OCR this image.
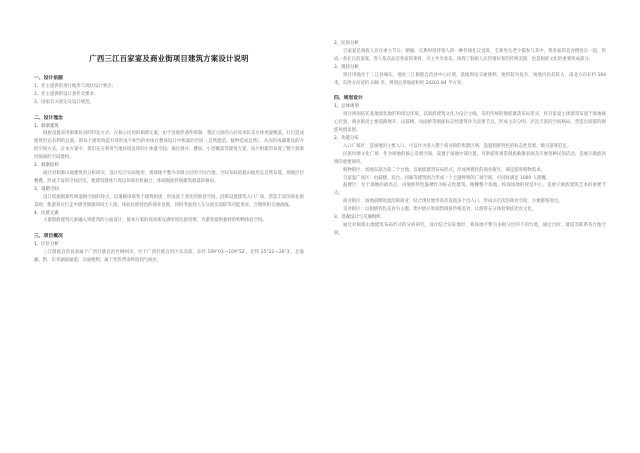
广西三江百家宴及商业街项目建筑方案设计说明
一、设计依据
1、业主提供的项目地形与现状设计要点；
2、业主提供的设计条件及要求；
3、国家有关规定及设计规范。
二、设计理念
1、侗寨建筑
侗族设置采用侗寨民居的特征方式：在核心民居的侗寨元素，由于受地形条件限制，我民元间的古民风本队及水体风貌聚落，打扫造成建筑形态有利的总量。即每个建筑构造有效形成不相当的单体在整体设计中体量的空间（自然建造、植物造成自然）。从而形成确建设的介的空间方式，在本方案中，我们充分利用当地环境发挥的小体量空间，通过排并、叠加、小型聚落等建筑方案，每片组建的布置了整个侗寨风情商的空间建构。
2、侗寨结构
通过对侗寨山地建筑的分析研究，设计结合实际地形，将场地平整为多级分层的不同台地，空间布局依据山地形态自然布置，场地层层叠叠，形成丰富的空间层次，使建筑群体与周边环境有机融合，体现侗族传统建筑群落的格局。
3、道路空间
设计依据侗寨传统道路空间的特点，以道路串联各个建筑组团，形成富于变化的街巷空间，沿街设置建筑入口广场，营造丰富的商业街景观，使游客在行走中感受侗寨的风土人情，体验民族特色的商业氛围，同时考虑到人车分流及消防等功能要求，合理组织交通流线。
4、民族元素
大量侗族建筑元素融入到建筑的立面设计，使本方案的商业街充满浓厚民族风情，为游客提供独特的购物体验空间。
三、项目概况
1、区位分析
三江侗族自治县隶属于广西壮族自治区柳州市，位于广西壮族自治区东北部，东经 109°03′~109°52′，北纬 25°22′~26°3′，北靠湘、黔，东邻湖南通道，交通便利，属于亚热带南岭湿润气候区。
2、民俗分析
百家宴是侗族人民在重大节日、婚嫁、庆典时招待客人的一种传统礼仪宴席，全寨男女老少都参与其中，将各家的美食摆放在一起，形成一条长长的宴席，客人依次品尝各家的菜肴，宾主共享欢乐，体现了侗族人民热情好客的传统美德，也是侗族文化的重要组成部分。
3、现状分析
项目用地位于三江县城东，地处三江侗族自治县中心区域，基地周边交通便利，地形较为复杂，场地内高差较大，南北方向长约 164 米，东西方向宽约 106 米，规划总用地面积约 24201.84 平方米。
四、规划设计
1、总体规划
项目规划依托基地现状地形和周边环境，以侗族建筑文化为设计主线，采用传统的侗族寨落布局形式，将百家宴主体建筑布置于场地核心位置，商业街沿主要道路展开，以鼓楼、风雨桥等侗族标志性建筑作为景观节点，形成主次分明、层次丰富的空间格局，营造出浓郁的侗族风情氛围。
2、功能分布
入口广场区：是场地的主要入口，可以作为进入整个商业街的集散区域，设置侗族特色的标志性景观，吸引游客驻足。
民族风情文化广场：作为场地的核心景观空间，设置于场地中部位置，可供游客观赏侗族歌舞表演及开展各种民俗活动，是展示侗族风情的重要场所。
购物街区：场地东部为第二个台地，以侗族建筑布局形式，形成规模化的商业街区，满足游客购物需求。
百家宴广场区：由鼓楼、戏台、回廊等建筑围合形成一个主题鲜明的广场空间，可同时满足 1000 人就餐。
鼓楼区：位于场地的最高点，由侗族特色鼓楼作为标志性建筑，俯瞰整个场地，构成场地的视觉中心，是展示侗族建筑艺术的重要节点。
商业街区：场地南侧设置沿街商业，结合现状地形高差设置多个出入口，形成多层次的商业空间，方便游客进出。
美食街区：以侗族特色美食为主题，集中展示和销售侗族传统美食，让游客充分体验侗族饮食文化。
3、景观设计与交通组织
通过对侗寨山地建筑布局形式的分析研究，设计结合实际地形，将场地平整为多级分层的不同台地，通过台阶、坡道等联系各台地空间。
